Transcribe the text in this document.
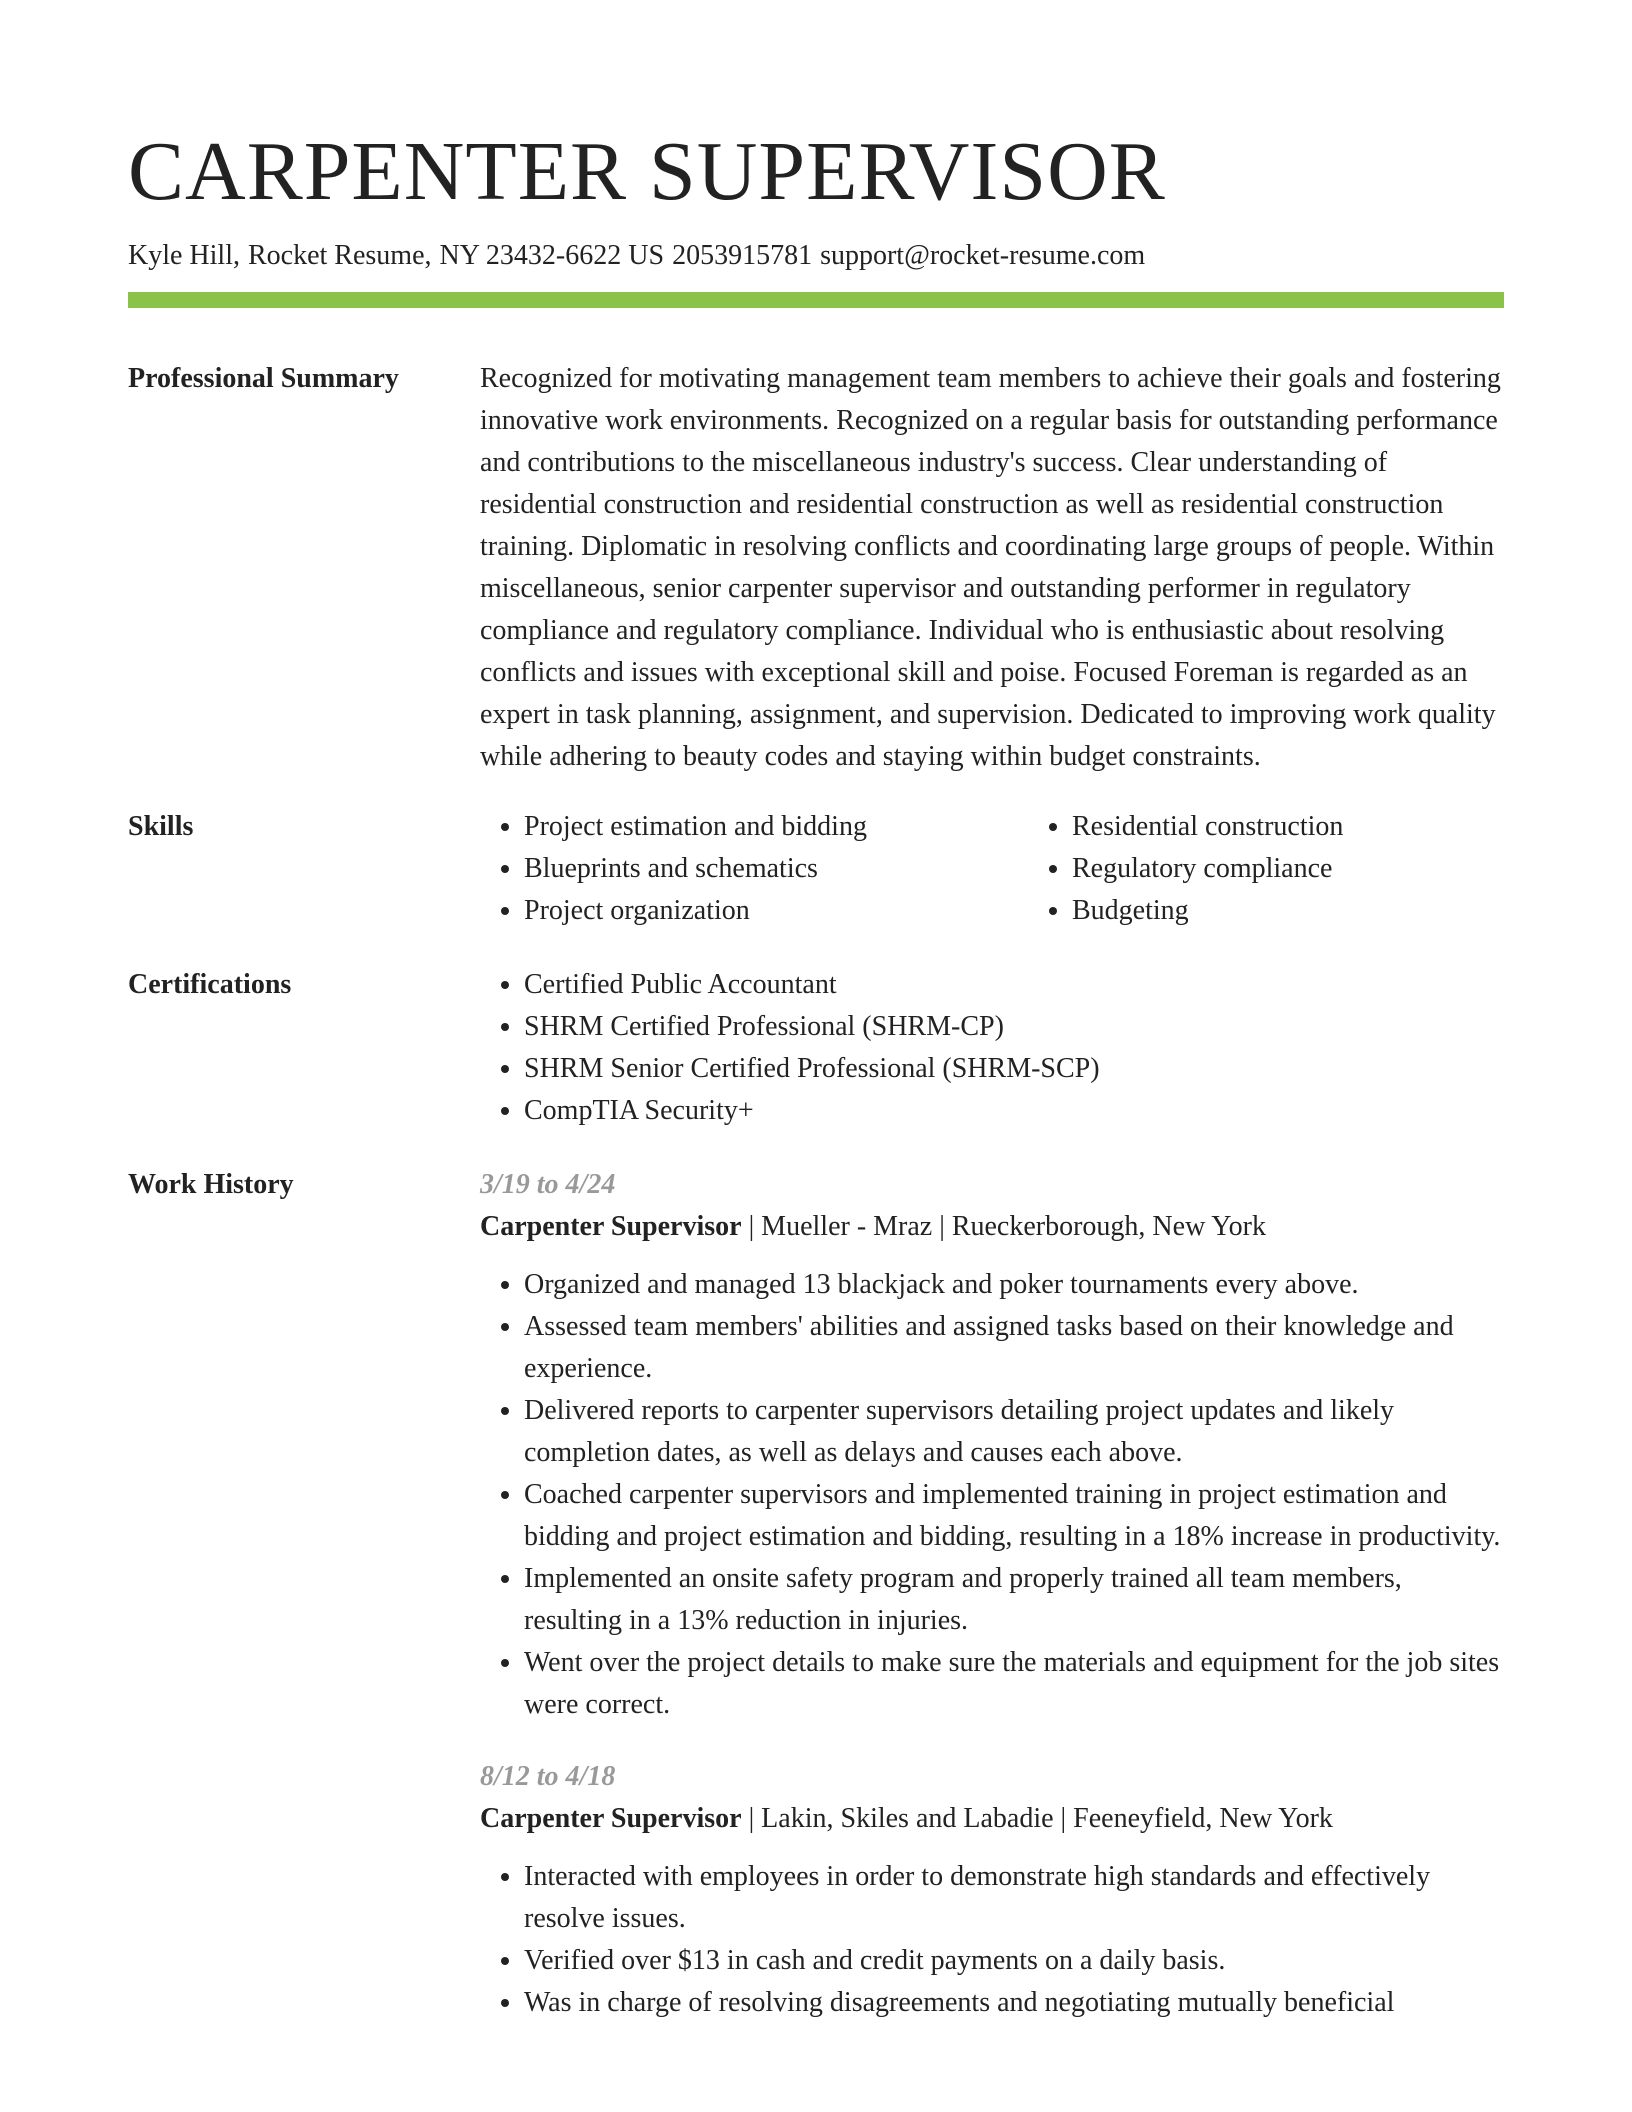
CARPENTER SUPERVISOR
Kyle Hill, Rocket Resume, NY 23432-6622 US 2053915781 support@rocket-resume.com
Professional Summary	Recognized for motivating management team members to achieve their goals and fostering innovative work environments. Recognized on a regular basis for outstanding performance and contributions to the miscellaneous industry's success. Clear understanding of residential construction and residential construction as well as residential construction training. Diplomatic in resolving conflicts and coordinating large groups of people. Within miscellaneous, senior carpenter supervisor and outstanding performer in regulatory compliance and regulatory compliance. Individual who is enthusiastic about resolving conflicts and issues with exceptional skill and poise. Focused Foreman is regarded as an expert in task planning, assignment, and supervision. Dedicated to improving work quality while adhering to beauty codes and staying within budget constraints.

Skills	• Project estimation and bidding
• Blueprints and schematics
• Project organization
• Residential construction
• Regulatory compliance
• Budgeting
Certifications	• Certified Public Accountant
• SHRM Certified Professional (SHRM-CP)
• SHRM Senior Certified Professional (SHRM-SCP)
• CompTIA Security+
Work History	3/19 to 4/24
Carpenter Supervisor | Mueller - Mraz | Rueckerborough, New York
• Organized and managed 13 blackjack and poker tournaments every above.
• Assessed team members' abilities and assigned tasks based on their knowledge and experience.
• Delivered reports to carpenter supervisors detailing project updates and likely completion dates, as well as delays and causes each above.
• Coached carpenter supervisors and implemented training in project estimation and bidding and project estimation and bidding, resulting in a 18% increase in productivity.
• Implemented an onsite safety program and properly trained all team members, resulting in a 13% reduction in injuries.
• Went over the project details to make sure the materials and equipment for the job sites were correct.
8/12 to 4/18
Carpenter Supervisor | Lakin, Skiles and Labadie | Feeneyfield, New York
• Interacted with employees in order to demonstrate high standards and effectively resolve issues.
• Verified over $13 in cash and credit payments on a daily basis.
• Was in charge of resolving disagreements and negotiating mutually beneficial
